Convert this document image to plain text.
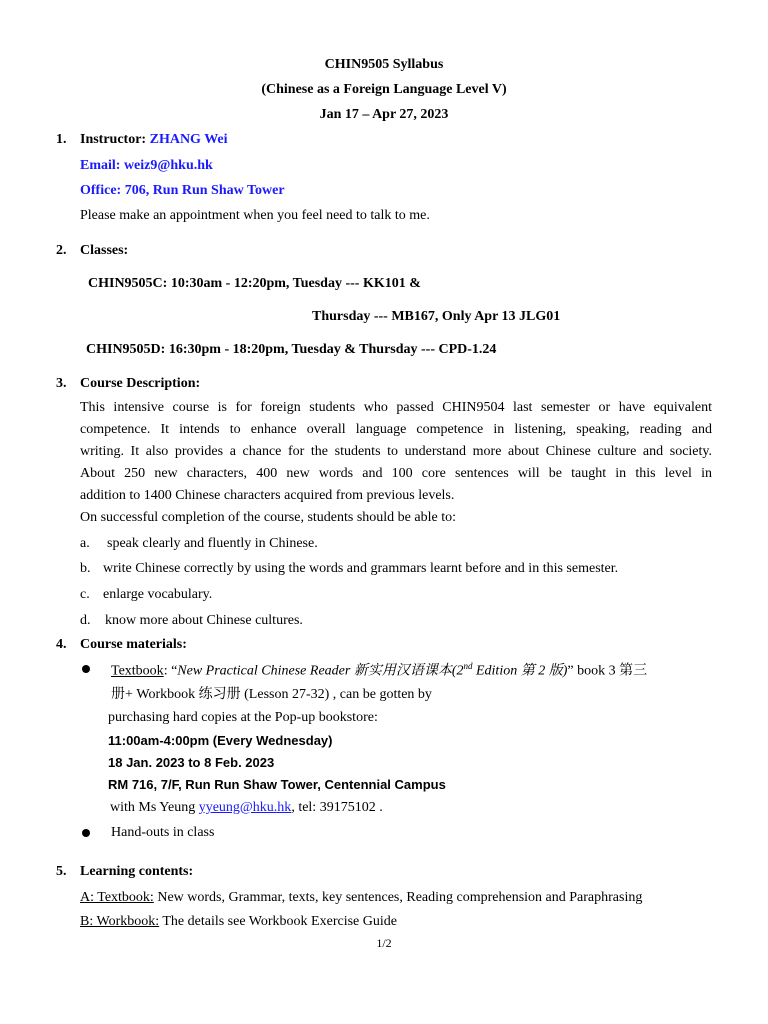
CHIN9505 Syllabus
(Chinese as a Foreign Language Level V)
Jan 17 – Apr 27, 2023
1. Instructor: ZHANG Wei
Email: weiz9@hku.hk
Office: 706, Run Run Shaw Tower
Please make an appointment when you feel need to talk to me.
2. Classes:
CHIN9505C: 10:30am - 12:20pm, Tuesday --- KK101 &
Thursday --- MB167, Only Apr 13 JLG01
CHIN9505D: 16:30pm - 18:20pm, Tuesday & Thursday --- CPD-1.24
3. Course Description:
This intensive course is for foreign students who passed CHIN9504 last semester or have equivalent
competence. It intends to enhance overall language competence in listening, speaking, reading and
writing. It also provides a chance for the students to understand more about Chinese culture and society.
About 250 new characters, 400 new words and 100 core sentences will be taught in this level in
addition to 1400 Chinese characters acquired from previous levels.
On successful completion of the course, students should be able to:
a. speak clearly and fluently in Chinese.
b. write Chinese correctly by using the words and grammars learnt before and in this semester.
c. enlarge vocabulary.
d. know more about Chinese cultures.
4. Course materials:
Textbook: “New Practical Chinese Reader 新实用汉语课本(2nd Edition 第 2 版)” book 3 第三
册+ Workbook 练习册 (Lesson 27-32) , can be gotten by
purchasing hard copies at the Pop-up bookstore:
11:00am-4:00pm (Every Wednesday)
18 Jan. 2023 to 8 Feb. 2023
RM 716, 7/F, Run Run Shaw Tower, Centennial Campus
with Ms Yeung yyeung@hku.hk, tel: 39175102 .
Hand-outs in class
5. Learning contents:
A: Textbook: New words, Grammar, texts, key sentences, Reading comprehension and Paraphrasing
B: Workbook: The details see Workbook Exercise Guide
1/2
